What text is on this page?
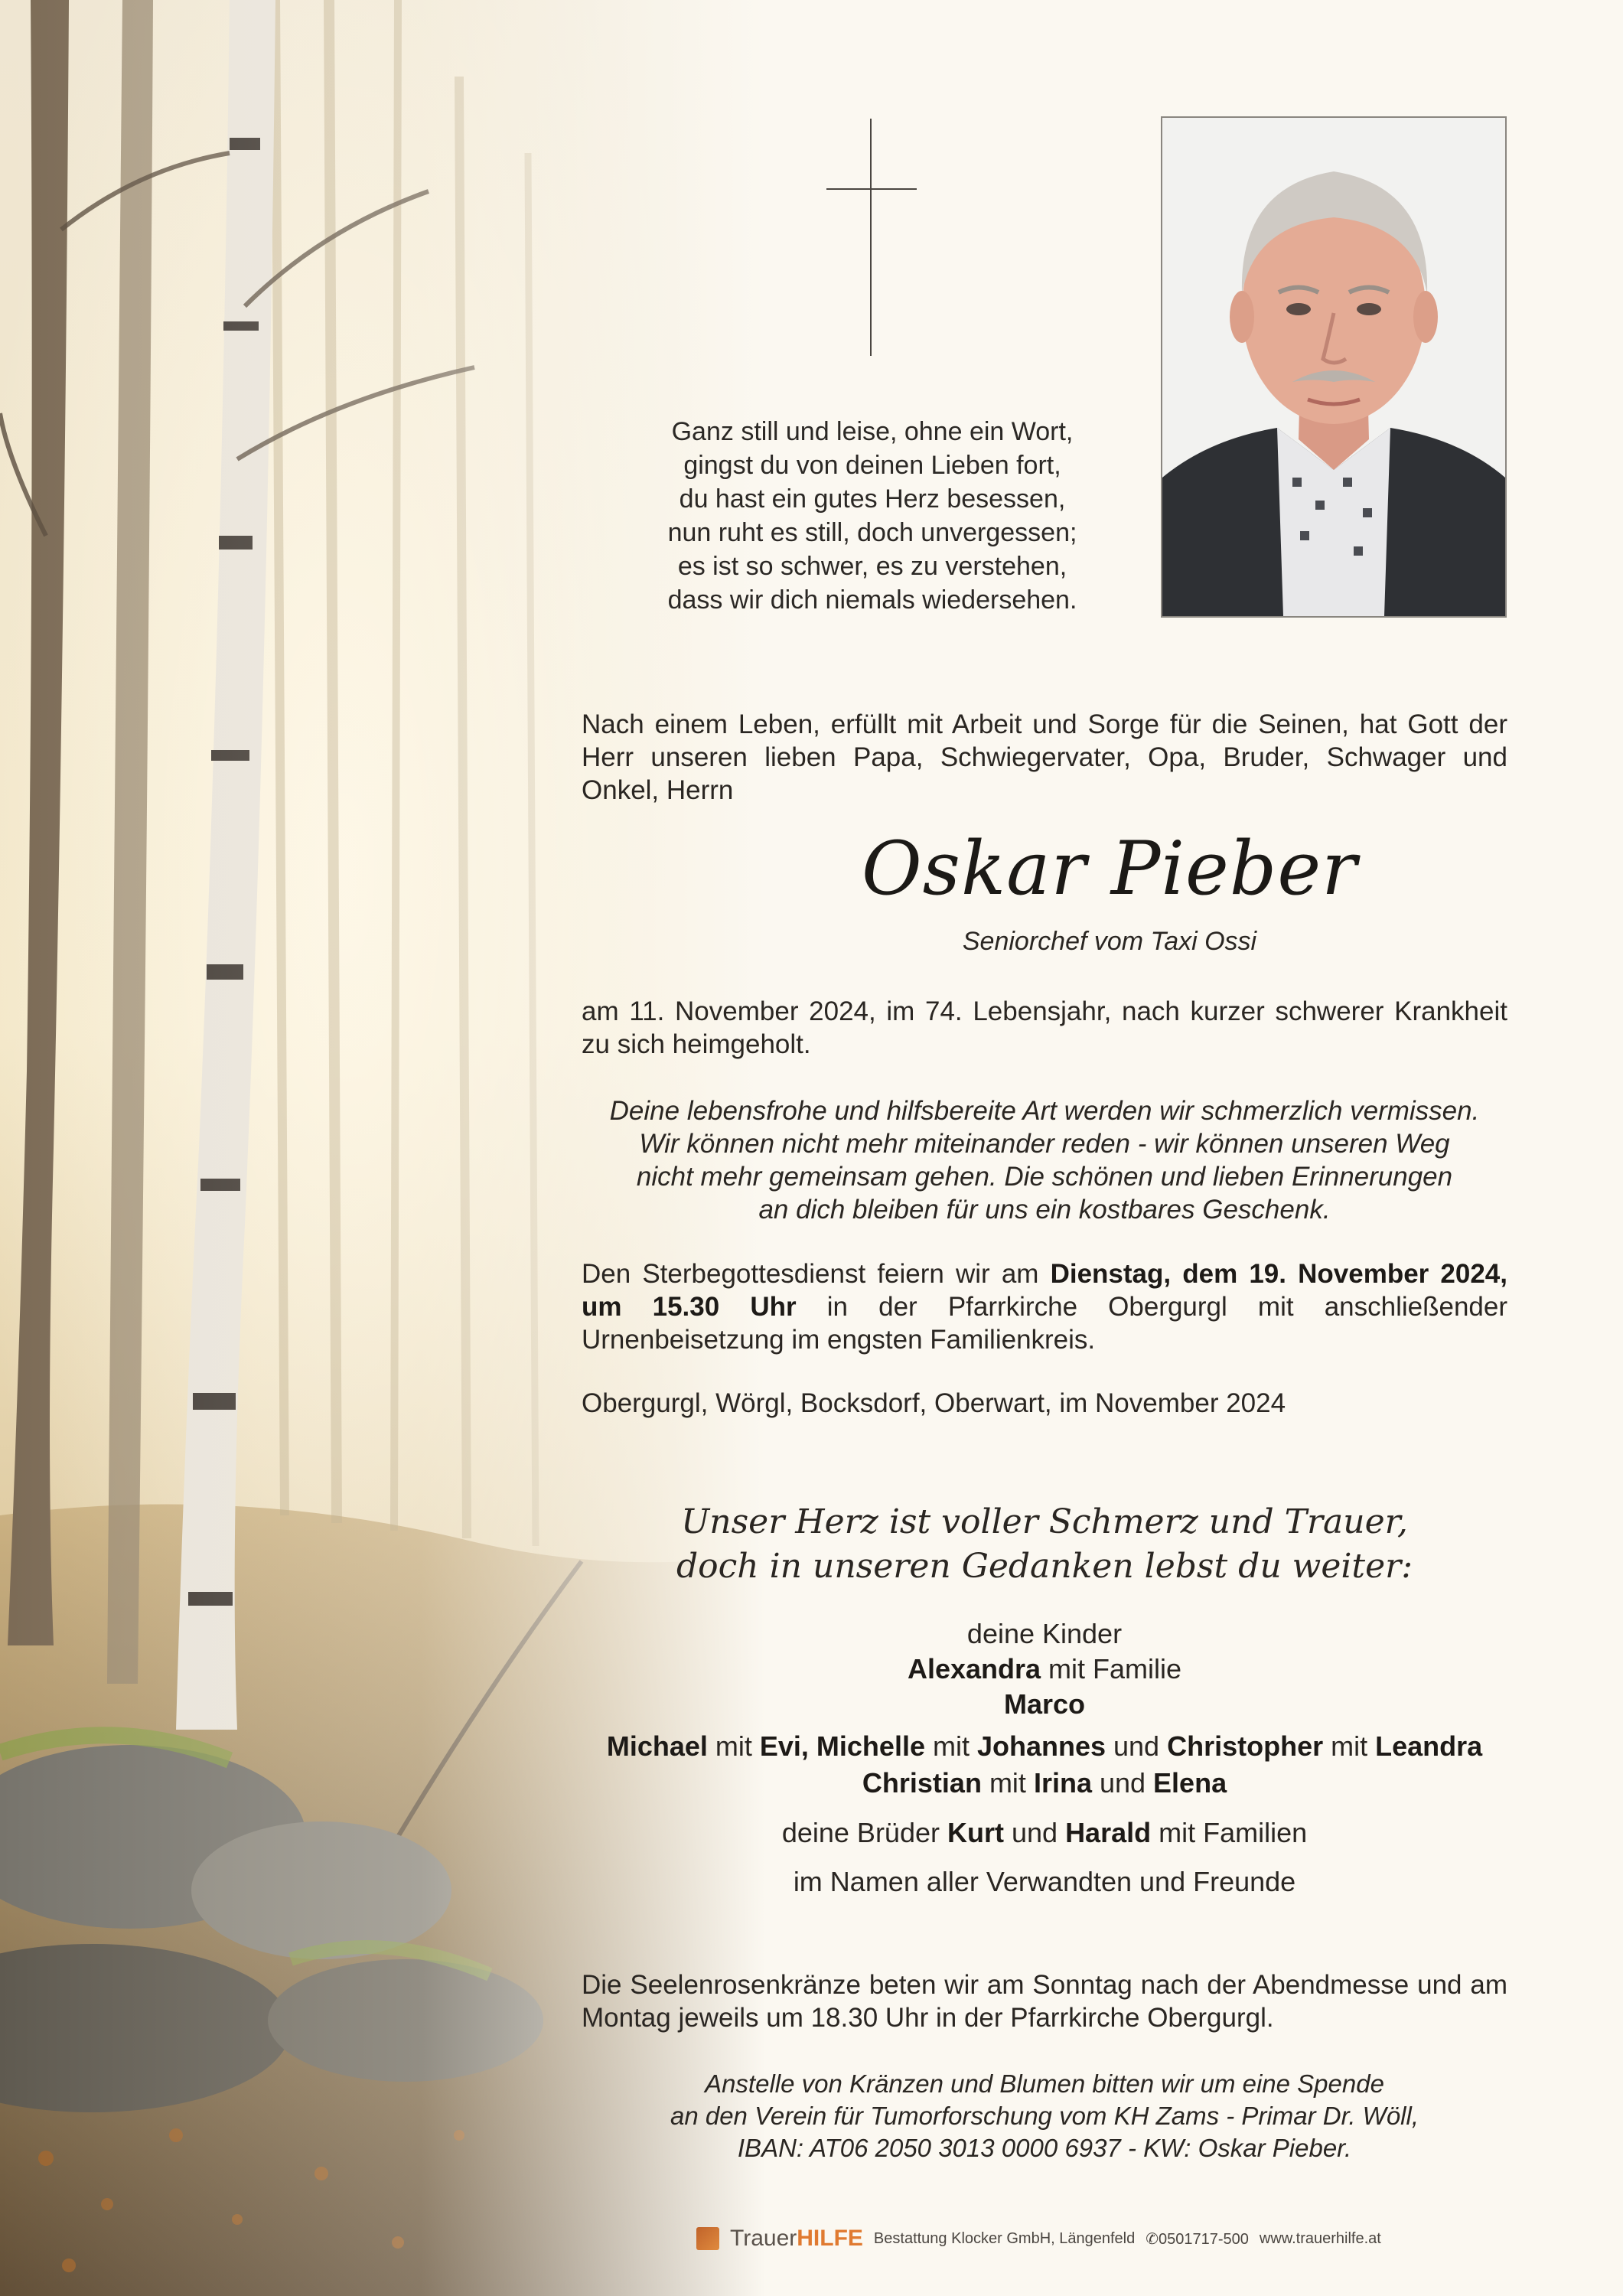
Ganz still und leise, ohne ein Wort,
gingst du von deinen Lieben fort,
du hast ein gutes Herz besessen,
nun ruht es still, doch unvergessen;
es ist so schwer, es zu verstehen,
dass wir dich niemals wiedersehen.
Nach einem Leben, erfüllt mit Arbeit und Sorge für die Seinen, hat Gott der Herr unseren lieben Papa, Schwiegervater, Opa, Bruder, Schwager und Onkel, Herrn
Oskar Pieber
Seniorchef vom Taxi Ossi
am 11. November 2024, im 74. Lebensjahr, nach kurzer schwerer Krankheit zu sich heimgeholt.
Deine lebensfrohe und hilfsbereite Art werden wir schmerzlich vermissen.
Wir können nicht mehr miteinander reden - wir können unseren Weg
nicht mehr gemeinsam gehen. Die schönen und lieben Erinnerungen
an dich bleiben für uns ein kostbares Geschenk.
Den Sterbegottesdienst feiern wir am Dienstag, dem 19. November 2024, um 15.30 Uhr in der Pfarrkirche Obergurgl mit anschließender Urnenbeisetzung im engsten Familienkreis.
Obergurgl, Wörgl, Bocksdorf, Oberwart, im November 2024
Unser Herz ist voller Schmerz und Trauer,
doch in unseren Gedanken lebst du weiter:
deine Kinder
Alexandra mit Familie
Marco
Michael mit Evi, Michelle mit Johannes und Christopher mit Leandra
Christian mit Irina und Elena
deine Brüder Kurt und Harald mit Familien
im Namen aller Verwandten und Freunde
Die Seelenrosenkränze beten wir am Sonntag nach der Abendmesse und am Montag jeweils um 18.30 Uhr in der Pfarrkirche Obergurgl.
Anstelle von Kränzen und Blumen bitten wir um eine Spende
an den Verein für Tumorforschung vom KH Zams - Primar Dr. Wöll,
IBAN: AT06 2050 3013 0000 6937 - KW: Oskar Pieber.
TrauerHILFE Bestattung Klocker GmbH, Längenfeld ✆0501717-500 www.trauerhilfe.at
